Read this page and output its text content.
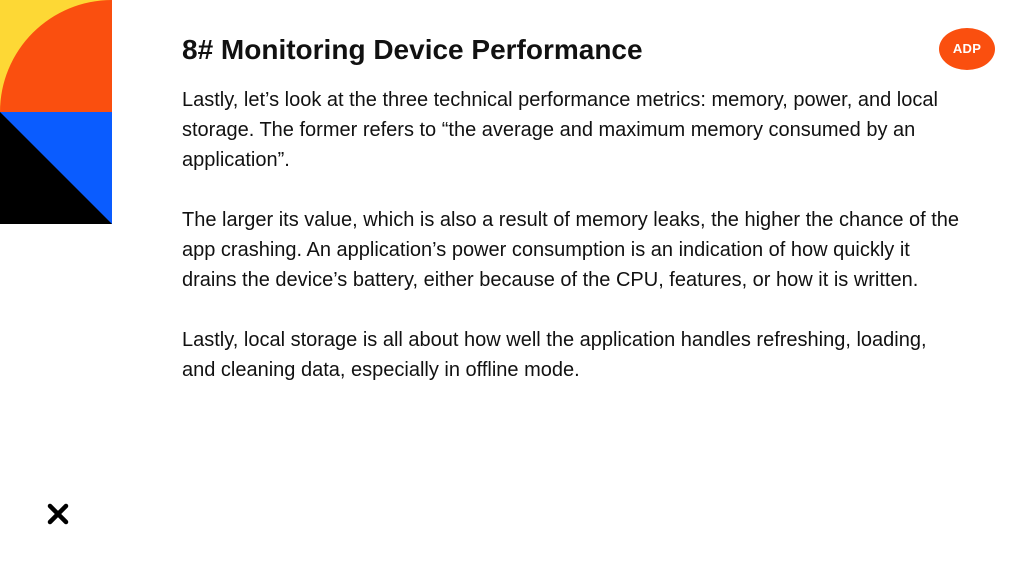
8# Monitoring Device Performance	ADP

Lastly, let’s look at the three technical performance metrics: memory, power, and local storage. The former refers to “the average and maximum memory consumed by an application”.

The larger its value, which is also a result of memory leaks, the higher the chance of the app crashing. An application’s power consumption is an indication of how quickly it drains the device’s battery, either because of the CPU, features, or how it is written.

Lastly, local storage is all about how well the application handles refreshing, loading, and cleaning data, especially in offline mode.
